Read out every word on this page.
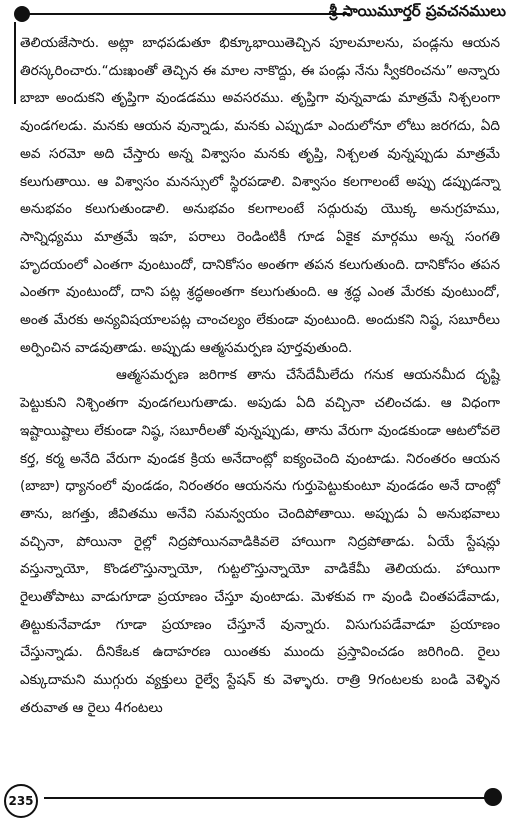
శ్రీ సాయిమూర్తర్ ప్రవచనములు

తెలియజేసారు. అట్లా బాధపడుతూ భిక్కూభాయితెచ్చిన పూలమాలను, పండ్లను ఆయన తిరస్కరించారు.“దుఃఖంతో తెచ్చిన ఈ మాల నాకొద్దు, ఈ పండ్లు నేను స్వీకరించను” అన్నారు బాబా అందుకని తృప్తిగా వుండడము అవసరము. తృప్తిగా వున్నవాడు మాత్రమే నిశ్చలంగా వుండగలడు. మనకు ఆయన వున్నాడు, మనకు ఎప్పుడూ ఎందులోనూ లోటు జరగదు, ఏది అవ సరమో అది చేస్తారు అన్న విశ్వాసం మనకు తృప్తి, నిశ్చలత వున్నప్పుడు మాత్రమే కలుగుతాయి. ఆ విశ్వాసం మనస్సులో స్థిరపడాలి. విశ్వాసం కలగాలంటే అప్పు డప్పుడన్నా అనుభవం కలుగుతుండాలి. అనుభవం కలగాలంటే సద్గురువు యొక్క అనుగ్రహము, సాన్నిధ్యము మాత్రమే ఇహ, పరాలు రెండింటికీ గూడ ఏకైక మార్గము అన్న సంగతి హృదయంలో ఎంతగా వుంటుందో, దానికోసం అంతగా తపన కలుగుతుంది. దానికోసం తపన ఎంతగా వుంటుందో, దాని పట్ల శ్రద్ధఅంతగా కలుగుతుంది. ఆ శ్రద్ధ ఎంత మేరకు వుంటుందో, అంత మేరకు అన్యవిషయాలపట్ల చాంచల్యం లేకుండా వుంటుంది. అందుకని నిష్ఠ, సబూరీలు అర్పించిన వాడవుతాడు. అప్పుడు ఆత్మసమర్పణ పూర్తవుతుంది.

ఆత్మసమర్పణ జరిగాక తాను చేసేదేమీలేదు గనుక ఆయనమీద దృష్టి పెట్టుకుని నిశ్చింతగా వుండగలుగుతాడు. అపుడు ఏది వచ్చినా చలించడు. ఆ విధంగా ఇష్టాయిష్టాలు లేకుండా నిష్ఠ, సబూరీలతో వున్నప్పుడు, తాను వేరుగా వుండకుండా ఆటలోవలె కర్త, కర్మ అనేది వేరుగా వుండక క్రియ అనేదాంట్లో ఐక్యంచెంది వుంటాడు. నిరంతరం ఆయన (బాబా) ధ్యానంలో వుండడం, నిరంతరం ఆయనను గుర్తుపెట్టుకుంటూ వుండడం అనే దాంట్లో తాను, జగత్తు, జీవితము అనేవి సమన్వయం చెందిపోతాయి. అప్పుడు ఏ అనుభవాలు వచ్చినా, పోయినా రైల్లో నిద్రపోయినవాడికివలె హాయిగా నిద్రపోతాడు. ఏయే స్టేషన్లు వస్తున్నాయో, కొండలొస్తున్నాయో, గుట్టలొస్తున్నాయో వాడికేమీ తెలియదు. హాయిగా రైలుతోపాటు వాడుగూడా ప్రయాణం చేస్తూ వుంటాడు. మెళకువ గా వుండి చింతపడేవాడు, తిట్టుకునేవాడూ గూడా ప్రయాణం చేస్తూనే వున్నారు. విసుగుపడేవాడూ ప్రయాణం చేస్తున్నాడు. దీనికేఒక ఉదాహరణ యింతకు ముందు ప్రస్తావించడం జరిగింది. రైలు ఎక్కుదామని ముగ్గురు వ్యక్తులు రైల్వే స్టేషన్ కు వెళ్ళారు. రాత్రి 9గంటలకు బండి వెళ్ళిన తరువాత ఆ రైలు 4గంటలు

235
